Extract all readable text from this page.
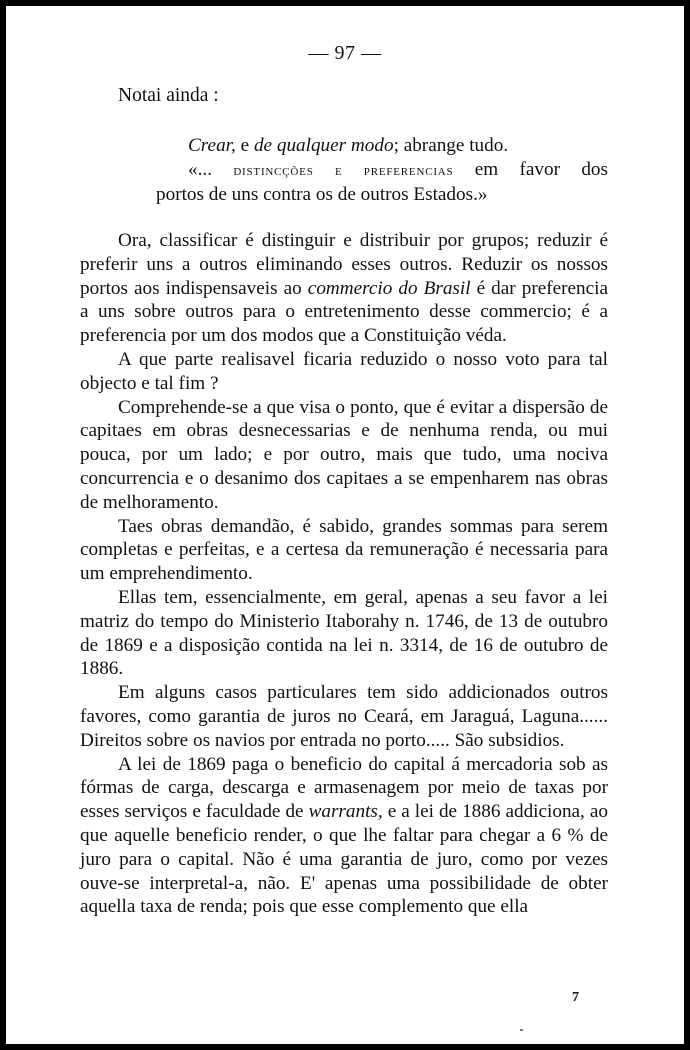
— 97 —
Notai ainda :
Crear, e de qualquer modo; abrange tudo.
«... distincções e preferencias em favor dos
portos de uns contra os de outros Estados.»

Ora, classificar é distinguir e distribuir por grupos; reduzir é preferir uns a outros eliminando esses outros. Reduzir os nossos portos aos indispensaveis ao commercio do Brasil é dar preferencia a uns sobre outros para o entretenimento desse commercio; é a preferencia por um dos modos que a Constituição véda.

A que parte realisavel ficaria reduzido o nosso voto para tal objecto e tal fim ?

Comprehende-se a que visa o ponto, que é evitar a dispersão de capitaes em obras desnecessarias e de nenhuma renda, ou mui pouca, por um lado; e por outro, mais que tudo, uma nociva concurrencia e o desanimo dos capitaes a se empenharem nas obras de melhoramento.

Taes obras demandão, é sabido, grandes sommas para serem completas e perfeitas, e a certesa da remuneração é necessaria para um emprehendimento.

Ellas tem, essencialmente, em geral, apenas a seu favor a lei matriz do tempo do Ministerio Itaborahy n. 1746, de 13 de outubro de 1869 e a disposição contida na lei n. 3314, de 16 de outubro de 1886.

Em alguns casos particulares tem sido addicionados outros favores, como garantia de juros no Ceará, em Jaraguá, Laguna...... Direitos sobre os navios por entrada no porto..... São subsidios.

A lei de 1869 paga o beneficio do capital á mercadoria sob as fórmas de carga, descarga e armasenagem por meio de taxas por esses serviços e faculdade de warrants, e a lei de 1886 addiciona, ao que aquelle beneficio render, o que lhe faltar para chegar a 6 % de juro para o capital. Não é uma garantia de juro, como por vezes ouve-se interpretal-a, não. E' apenas uma possibilidade de obter aquella taxa de renda; pois que esse complemento que ella

7
